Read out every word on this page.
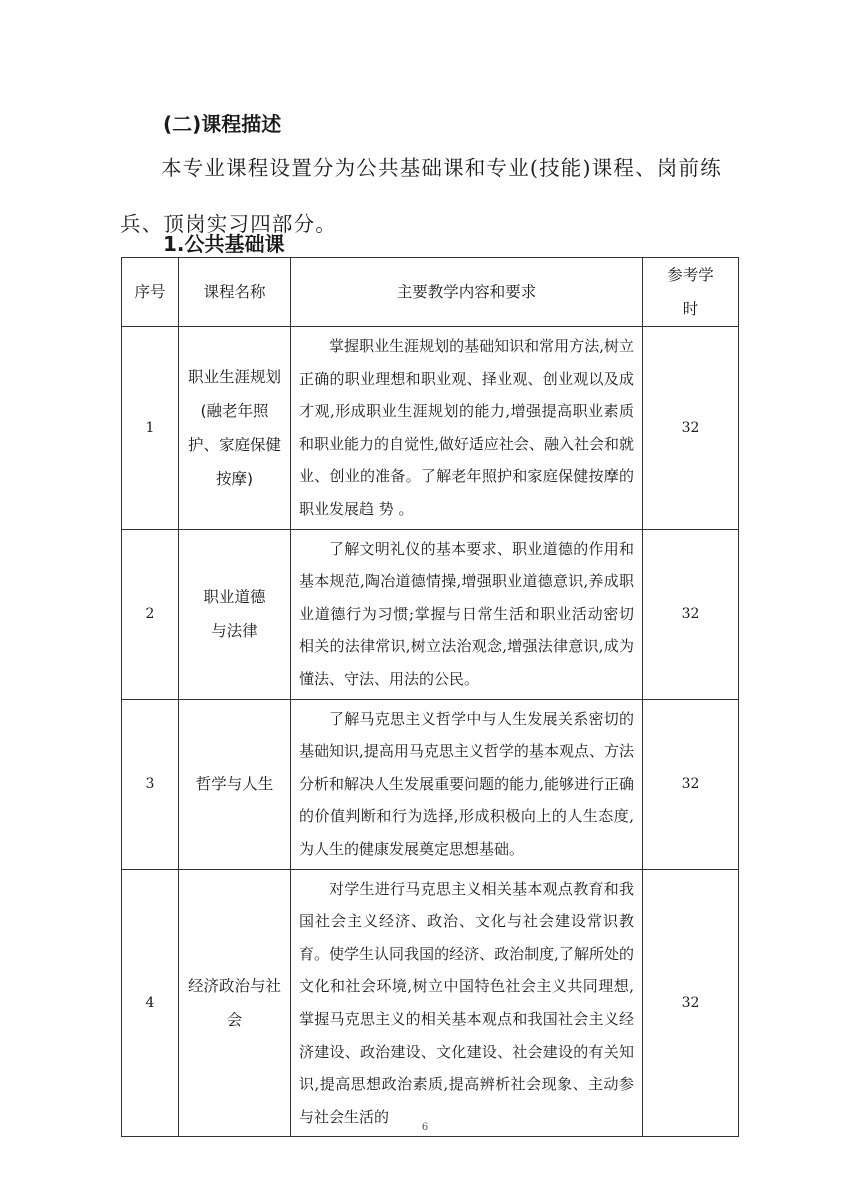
(二)课程描述
本专业课程设置分为公共基础课和专业(技能)课程、岗前练兵、顶岗实习四部分。
1.公共基础课
序号	课程名称	主要教学内容和要求	参考学时
1	职业生涯规划(融老年照护、家庭保健按摩)	掌握职业生涯规划的基础知识和常用方法,树立正确的职业理想和职业观、择业观、创业观以及成才观,形成职业生涯规划的能力,增强提高职业素质和职业能力的自觉性,做好适应社会、融入社会和就业、创业的准备。了解老年照护和家庭保健按摩的职业发展趋 势 。	32
2	职业道德与法律	了解文明礼仪的基本要求、职业道德的作用和基本规范,陶冶道德情操,增强职业道德意识,养成职业道德行为习惯;掌握与日常生活和职业活动密切相关的法律常识,树立法治观念,增强法律意识,成为懂法、守法、用法的公民。	32
3	哲学与人生	了解马克思主义哲学中与人生发展关系密切的基础知识,提高用马克思主义哲学的基本观点、方法分析和解决人生发展重要问题的能力,能够进行正确的价值判断和行为选择,形成积极向上的人生态度,为人生的健康发展奠定思想基础。	32
4	经济政治与社会	对学生进行马克思主义相关基本观点教育和我国社会主义经济、政治、文化与社会建设常识教育。使学生认同我国的经济、政治制度,了解所处的文化和社会环境,树立中国特色社会主义共同理想,掌握马克思主义的相关基本观点和我国社会主义经济建设、政治建设、文化建设、社会建设的有关知识,提高思想政治素质,提高辨析社会现象、主动参与社会生活的	32
6
